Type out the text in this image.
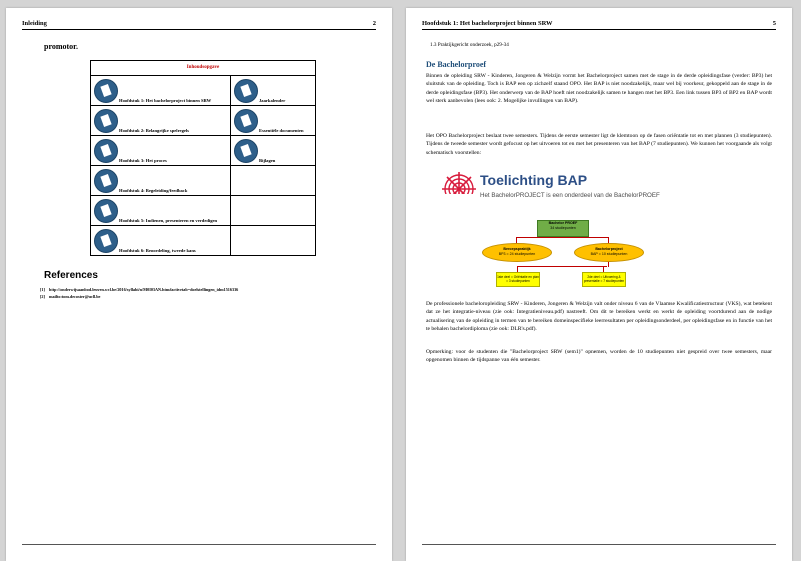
Inleiding	2
promotor.
Inhoudsopgave
Hoofdstuk 1: Het bachelorproject binnen SRW	Jaarkalender
Hoofdstuk 2: Belangrijke spelregels	Essentiële documenten
Hoofdstuk 3: Het proces	Bijlagen
Hoofdstuk 4: Begeleiding/feedback
Hoofdstuk 5: Indienen, presenteren en verdedigen
Hoofdstuk 6: Beoordeling, tweede kans
References
[1] http://onderwijsaanbod.leuven.wcl.be/2016/syllabi/n/M0I03AN.htm#activetab=doelstellingen_idm1516336
[2] mailto:tom.decoster@ucll.be
Hoofdstuk 1: Het bachelorproject binnen SRW	5
1.3 Praktijkgericht onderzoek, p29-34
De Bachelorproef
Binnen de opleiding SRW - Kinderen, Jongeren & Welzijn vormt het Bachelorproject samen met de stage in de derde opleidingsfase (verder: BP3) het sluitstuk van de opleiding. Toch is BAP een op zichzelf staand OPO. Het BAP is niet noodzakelijk, maar wel bij voorkeur, gekoppeld aan de stage in de derde opleidingsfase (BP3). Het onderwerp van de BAP hoeft niet noodzakelijk samen te hangen met het BP3. Een link tussen BP3 of BP2 en BAP wordt wel sterk aanbevolen (lees ook: 2. Mogelijke invullingen van BAP).
Het OPO Bachelorproject beslaat twee semesters. Tijdens de eerste semester ligt de klemtoon op de fasen oriëntatie tot en met plannen (3 studiepunten). Tijdens de tweede semester wordt gefocust op het uitvoeren tot en met het presenteren van het BAP (7 studiepunten). We kunnen het voorgaande als volgt schematisch voorstellen:
Toelichting BAP
Het BachelorPROJECT is een onderdeel van de BachelorPROEF
Bachelor PROEF
34 studiepunten
Beroepspraktijk
BP3 = 24 studiepunten
Bachelorproject
BAP = 10 studiepunten
1ste deel = Oriëntatie en plan
= 3 studiepunten
2de deel = Uitvoering &
presentatie = 7 studiepunten
De professionele bacheloropleiding SRW - Kinderen, Jongeren & Welzijn valt onder niveau 6 van de Vlaamse Kwalificatiestructuur (VKS), wat betekent dat ze het integratie-niveau (zie ook: Integratieniveau.pdf) nastreeft. Om dit te bereiken werkt en werkt de opleiding voortdurend aan de nodige actualisering van de opleiding in termen van te bereiken domeinspecifieke leerresultaten per opleidingsonderdeel, per opleidingsfase en in functie van het te behalen bachelordiploma (zie ook: DLR's.pdf).
Opmerking: voor de studenten die "Bachelorproject SRW (sem1)" opnemen, worden de 10 studiepunten niet gespreid over twee semesters, maar opgenomen binnen de tijdspanne van één semester.
